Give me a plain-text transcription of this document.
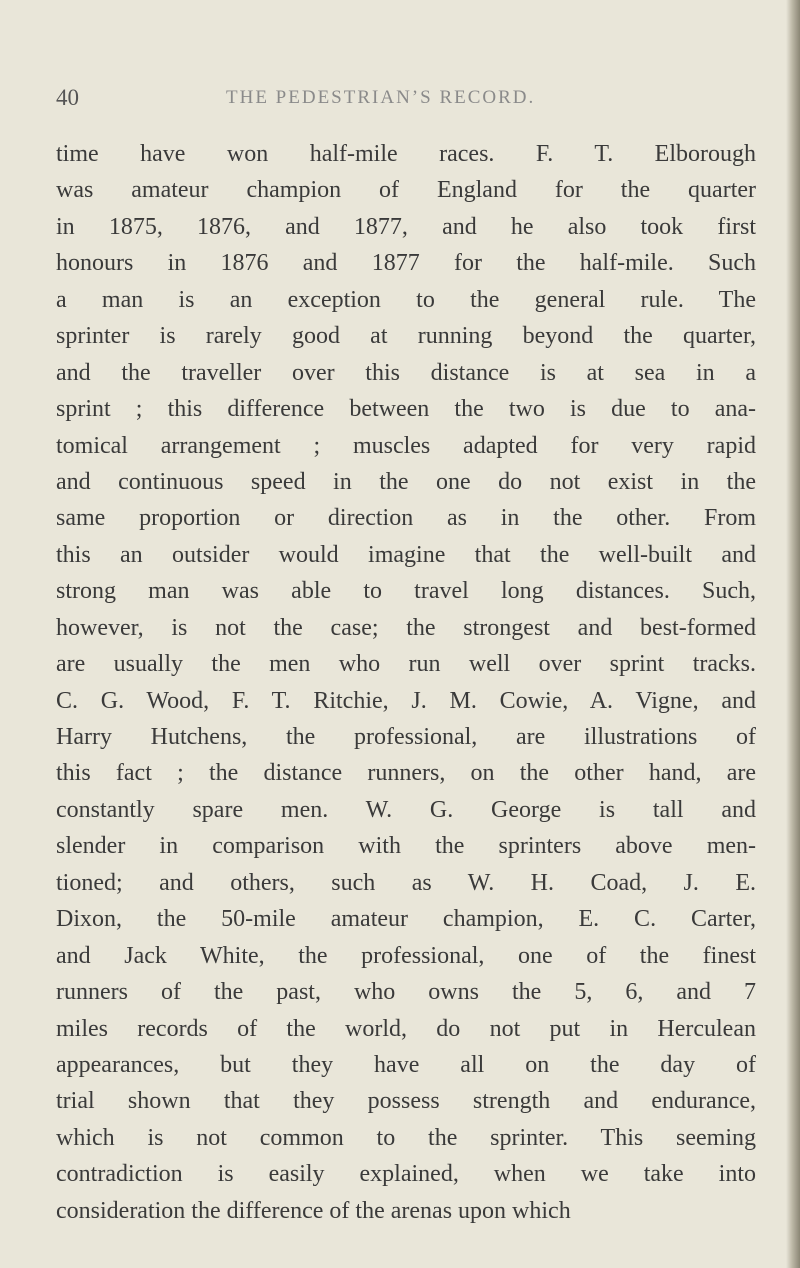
40	THE PEDESTRIAN’S RECORD.
time have won half-mile races. F. T. Elborough
was amateur champion of England for the quarter
in 1875, 1876, and 1877, and he also took first
honours in 1876 and 1877 for the half-mile. Such
a man is an exception to the general rule. The
sprinter is rarely good at running beyond the quarter,
and the traveller over this distance is at sea in a
sprint ; this difference between the two is due to ana-
tomical arrangement ; muscles adapted for very rapid
and continuous speed in the one do not exist in the
same proportion or direction as in the other. From
this an outsider would imagine that the well-built and
strong man was able to travel long distances. Such,
however, is not the case; the strongest and best-formed
are usually the men who run well over sprint tracks.
C. G. Wood, F. T. Ritchie, J. M. Cowie, A. Vigne, and
Harry Hutchens, the professional, are illustrations of
this fact ; the distance runners, on the other hand, are
constantly spare men. W. G. George is tall and
slender in comparison with the sprinters above men-
tioned; and others, such as W. H. Coad, J. E.
Dixon, the 50-mile amateur champion, E. C. Carter,
and Jack White, the professional, one of the finest
runners of the past, who owns the 5, 6, and 7
miles records of the world, do not put in Herculean
appearances, but they have all on the day of
trial shown that they possess strength and endurance,
which is not common to the sprinter. This seeming
contradiction is easily explained, when we take into
consideration the difference of the arenas upon which
